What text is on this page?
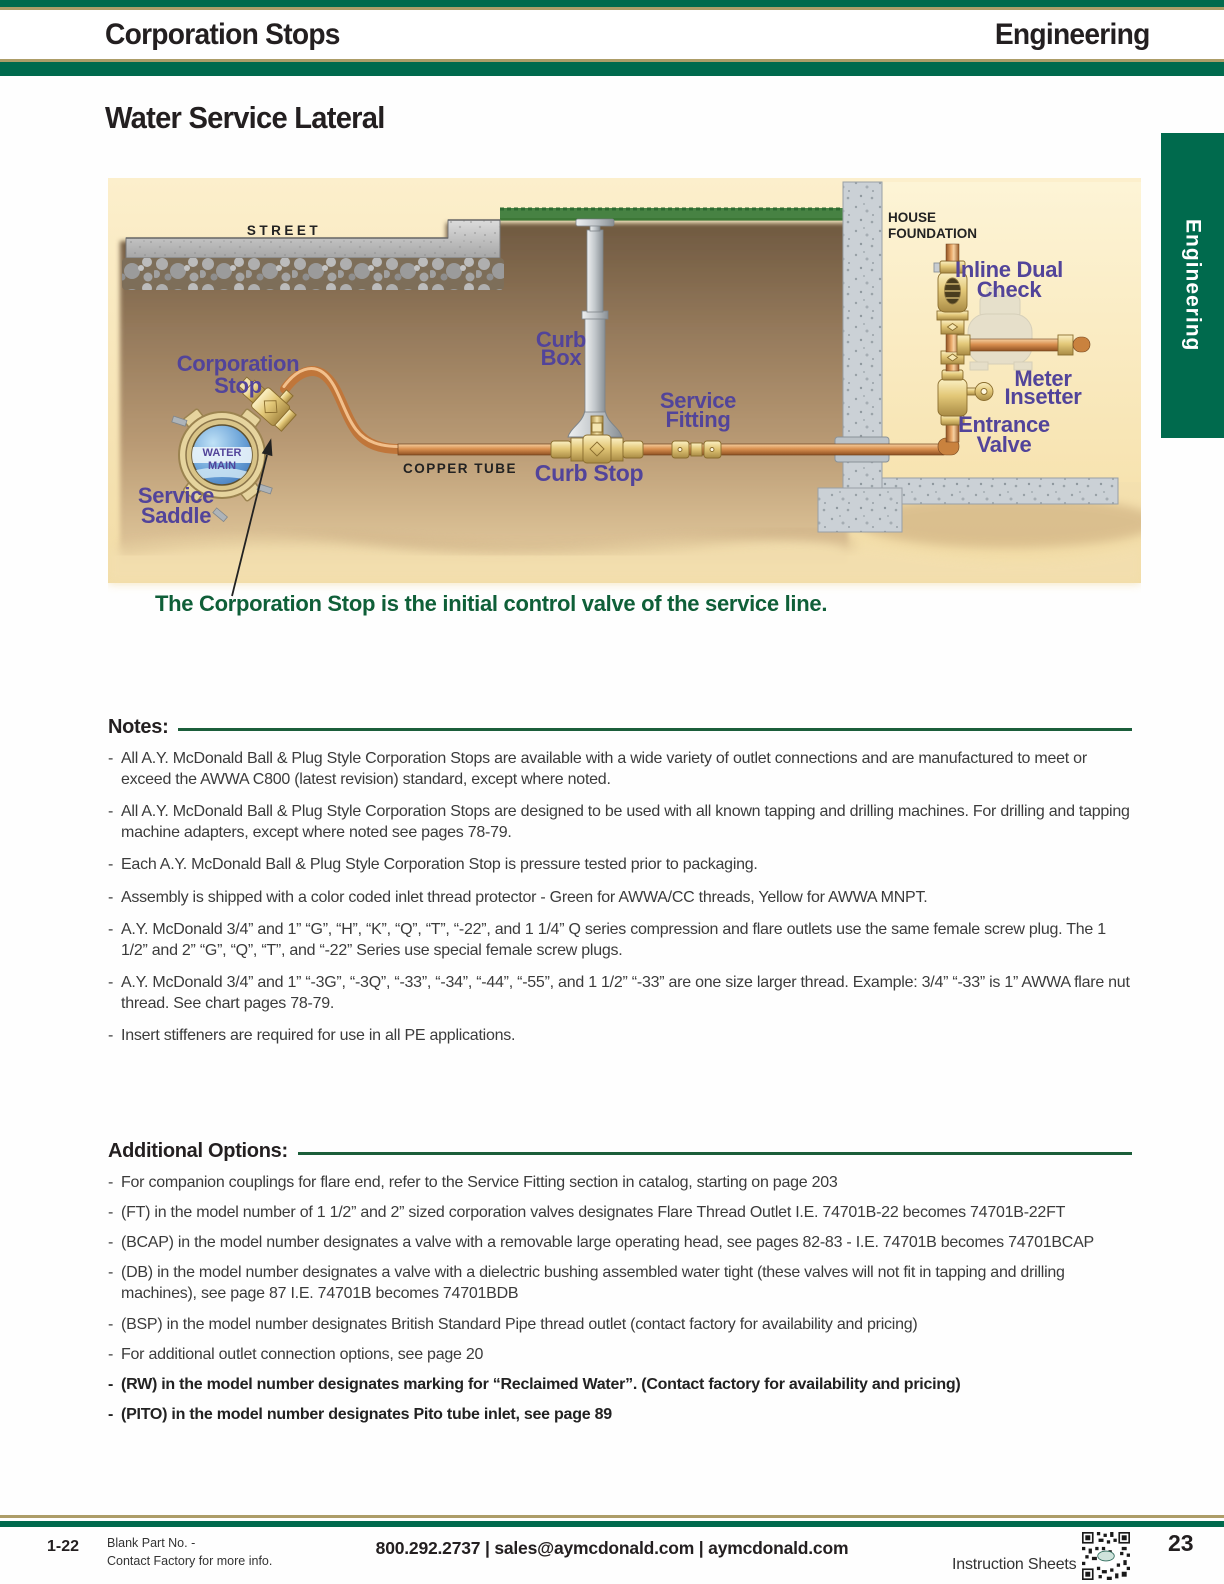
Corporation Stops	Engineering
Water Service Lateral
Engineering
WATER
MAIN
STREET
HOUSE
FOUNDATION
COPPER TUBE
Corporation
Stop
Curb
Box
Service
Fitting
Curb Stop
Inline Dual
Check
Meter
Insetter
Entrance
Valve
Service
Saddle
The Corporation Stop is the initial control valve of the service line.
Notes:
- All A.Y. McDonald Ball & Plug Style Corporation Stops are available with a wide variety of outlet connections and are manufactured to meet or exceed the AWWA C800 (latest revision) standard, except where noted.
- All A.Y. McDonald Ball & Plug Style Corporation Stops are designed to be used with all known tapping and drilling machines. For drilling and tapping machine adapters, except where noted see pages 78-79.
- Each A.Y. McDonald Ball & Plug Style Corporation Stop is pressure tested prior to packaging.
- Assembly is shipped with a color coded inlet thread protector - Green for AWWA/CC threads, Yellow for AWWA MNPT.
- A.Y. McDonald 3/4” and 1” “G”, “H”, “K”, “Q”, “T”, “-22”, and 1 1/4” Q series compression and flare outlets use the same female screw plug. The 1 1/2” and 2” “G”, “Q”, “T”, and “-22” Series use special female screw plugs.
- A.Y. McDonald 3/4” and 1” “-3G”, “-3Q”, “-33”, “-34”, “-44”, “-55”, and 1 1/2” “-33” are one size larger thread. Example: 3/4” “-33” is 1” AWWA flare nut thread. See chart pages 78-79.
- Insert stiffeners are required for use in all PE applications.
Additional Options:
- For companion couplings for flare end, refer to the Service Fitting section in catalog, starting on page 203
- (FT) in the model number of 1 1/2” and 2” sized corporation valves designates Flare Thread Outlet I.E. 74701B-22 becomes 74701B-22FT
- (BCAP) in the model number designates a valve with a removable large operating head, see pages 82-83 - I.E. 74701B becomes 74701BCAP
- (DB) in the model number designates a valve with a dielectric bushing assembled water tight (these valves will not fit in tapping and drilling machines), see page 87 I.E. 74701B becomes 74701BDB
- (BSP) in the model number designates British Standard Pipe thread outlet (contact factory for availability and pricing)
- For additional outlet connection options, see page 20
- (RW) in the model number designates marking for “Reclaimed Water”. (Contact factory for availability and pricing)
- (PITO) in the model number designates Pito tube inlet, see page 89
1-22 Blank Part No. -
Contact Factory for more info.
800.292.2737 | sales@aymcdonald.com | aymcdonald.com
Instruction Sheets
23
